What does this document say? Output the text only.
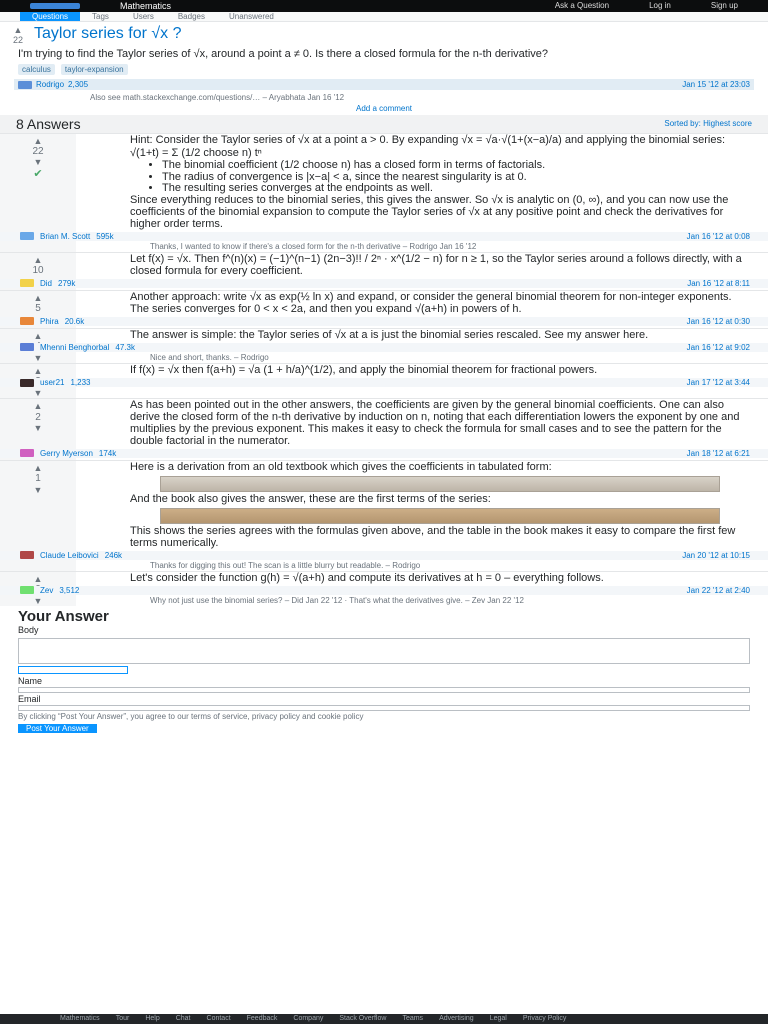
Mathematics	Ask a Question	Log in	Sign up
Questions	Tags	Users	Badges	Unanswered
▲
22 Taylor series for √x ?
I'm trying to find the Taylor series of √x, around a point a ≠ 0. Is there a closed formula for the n-th derivative?
calculus	taylor-expansion
Rodrigo 2,305	Jan 15 '12 at 23:03
Also see math.stackexchange.com/questions/… – Aryabhata Jan 16 '12
Add a comment
8 Answers	Sorted by: Highest score
▲
22
▼
✔

Hint: Consider the Taylor series of √x at a point a > 0. By expanding √x = √a·√(1+(x−a)/a) and applying the binomial series:

√(1+t) = Σ (1/2 choose n) tⁿ

• The binomial coefficient (1/2 choose n) has a closed form in terms of factorials.
• The radius of convergence is |x−a| < a, since the nearest singularity is at 0.
• The resulting series converges at the endpoints as well.

Since everything reduces to the binomial series, this gives the answer. So √x is analytic on (0, ∞), and you can now use the coefficients of the binomial expansion to compute the Taylor series of √x at any positive point and check the derivatives for higher order terms.

Brian M. Scott 595k	Jan 16 '12 at 0:08
Thanks, I wanted to know if there's a closed form for the n-th derivative – Rodrigo Jan 16 '12
▲
10

Let f(x) = √x. Then f^(n)(x) = (−1)^(n−1) (2n−3)!! / 2ⁿ · x^(1/2 − n) for n ≥ 1, so the Taylor series around a follows directly, with a closed formula for every coefficient.

Did 279k	Jan 16 '12 at 8:11
▲
5

Another approach: write √x as exp(½ ln x) and expand, or consider the general binomial theorem for non-integer exponents. The series converges for 0 < x < 2a, and then you expand √(a+h) in powers of h.

Phira 20.6k	Jan 16 '12 at 0:30
▲
▼

The answer is simple: the Taylor series of √x at a is just the binomial series rescaled. See my answer here.

Mhenni Benghorbal 47.3k	Jan 16 '12 at 9:02
Nice and short, thanks. – Rodrigo
▲
▼

If f(x) = √x then f(a+h) = √a (1 + h/a)^(1/2), and apply the binomial theorem for fractional powers.

user21 1,233	Jan 17 '12 at 3:44
▲
2
▼

As has been pointed out in the other answers, the coefficients are given by the general binomial coefficients. One can also derive the closed form of the n-th derivative by induction on n, noting that each differentiation lowers the exponent by one and multiplies by the previous exponent. This makes it easy to check the formula for small cases and to see the pattern for the double factorial in the numerator.

Gerry Myerson 174k	Jan 18 '12 at 6:21
▲
1
▼

Here is a derivation from an old textbook which gives the coefficients in tabulated form:

And the book also gives the answer, these are the first terms of the series:

This shows the series agrees with the formulas given above, and the table in the book makes it easy to compare the first few terms numerically.

Claude Leibovici 246k	Jan 20 '12 at 10:15
Thanks for digging this out! The scan is a little blurry but readable. – Rodrigo
▲
▼

Let's consider the function g(h) = √(a+h) and compute its derivatives at h = 0 – everything follows.

Zev 3,512	Jan 22 '12 at 2:40
Why not just use the binomial series? – Did Jan 22 '12 · That's what the derivatives give. – Zev Jan 22 '12
Your Answer
Body
Name
Email
By clicking “Post Your Answer”, you agree to our terms of service, privacy policy and cookie policy
Post Your Answer
Mathematics Tour Help Chat Contact Feedback Company Stack Overflow Teams Advertising Legal Privacy Policy
